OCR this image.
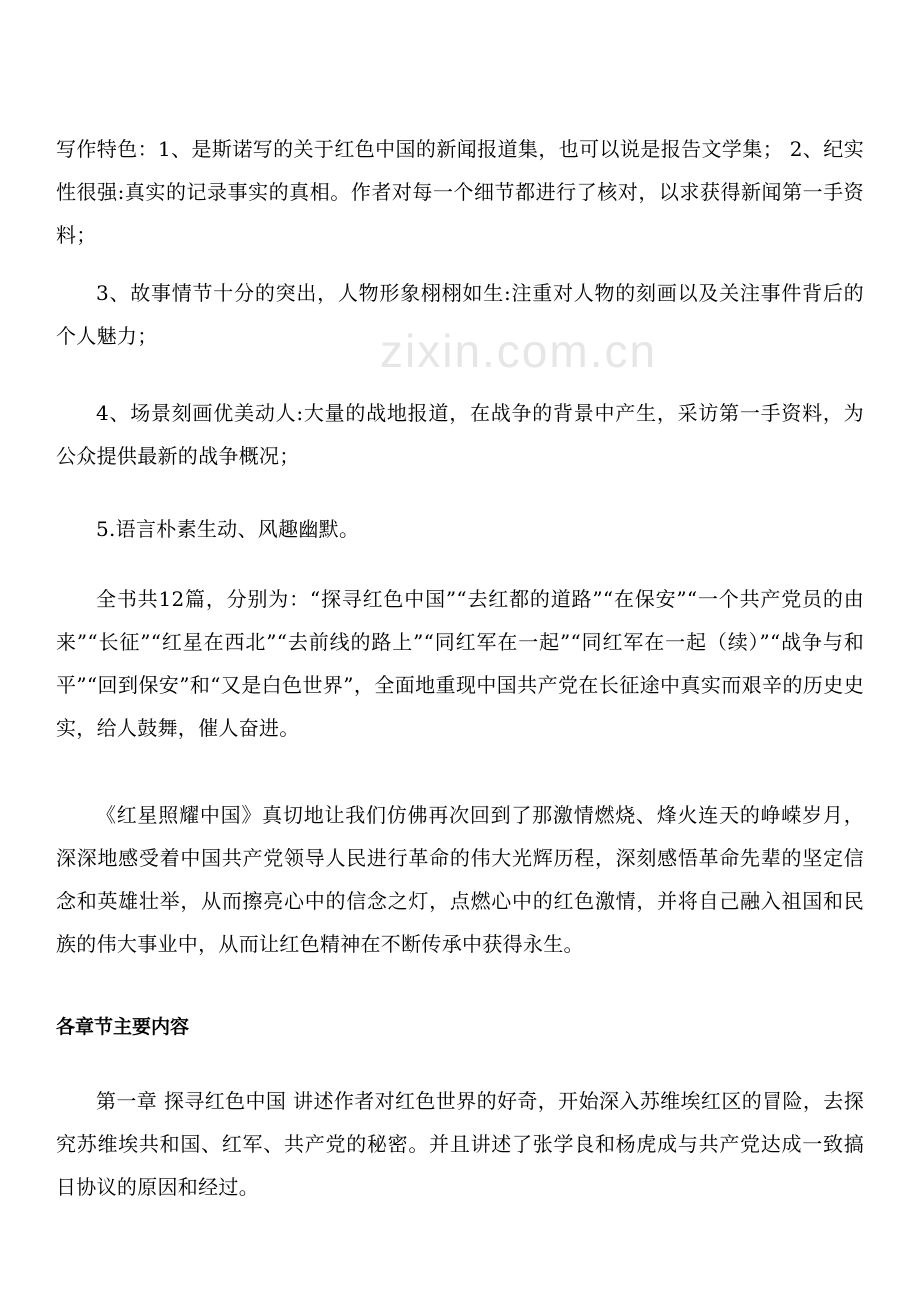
zixin.com.cn

写作特色：1、是斯诺写的关于红色中国的新闻报道集，也可以说是报告文学集； 2、纪实性很强:真实的记录事实的真相。作者对每一个细节都进行了核对，以求获得新闻第一手资料；

3、故事情节十分的突出，人物形象栩栩如生:注重对人物的刻画以及关注事件背后的个人魅力；

4、场景刻画优美动人:大量的战地报道，在战争的背景中产生，采访第一手资料，为公众提供最新的战争概况；

5.语言朴素生动、风趣幽默。

全书共12篇，分别为：“探寻红色中国”“去红都的道路”“在保安”“一个共产党员的由来”“长征”“红星在西北”“去前线的路上”“同红军在一起”“同红军在一起（续）”“战争与和平”“回到保安”和“又是白色世界”，全面地重现中国共产党在长征途中真实而艰辛的历史史实，给人鼓舞，催人奋进。

《红星照耀中国》真切地让我们仿佛再次回到了那激情燃烧、烽火连天的峥嵘岁月，深深地感受着中国共产党领导人民进行革命的伟大光辉历程，深刻感悟革命先辈的坚定信念和英雄壮举，从而擦亮心中的信念之灯，点燃心中的红色激情，并将自己融入祖国和民族的伟大事业中，从而让红色精神在不断传承中获得永生。

各章节主要内容

第一章 探寻红色中国 讲述作者对红色世界的好奇，开始深入苏维埃红区的冒险，去探究苏维埃共和国、红军、共产党的秘密。并且讲述了张学良和杨虎成与共产党达成一致搞日协议的原因和经过。
